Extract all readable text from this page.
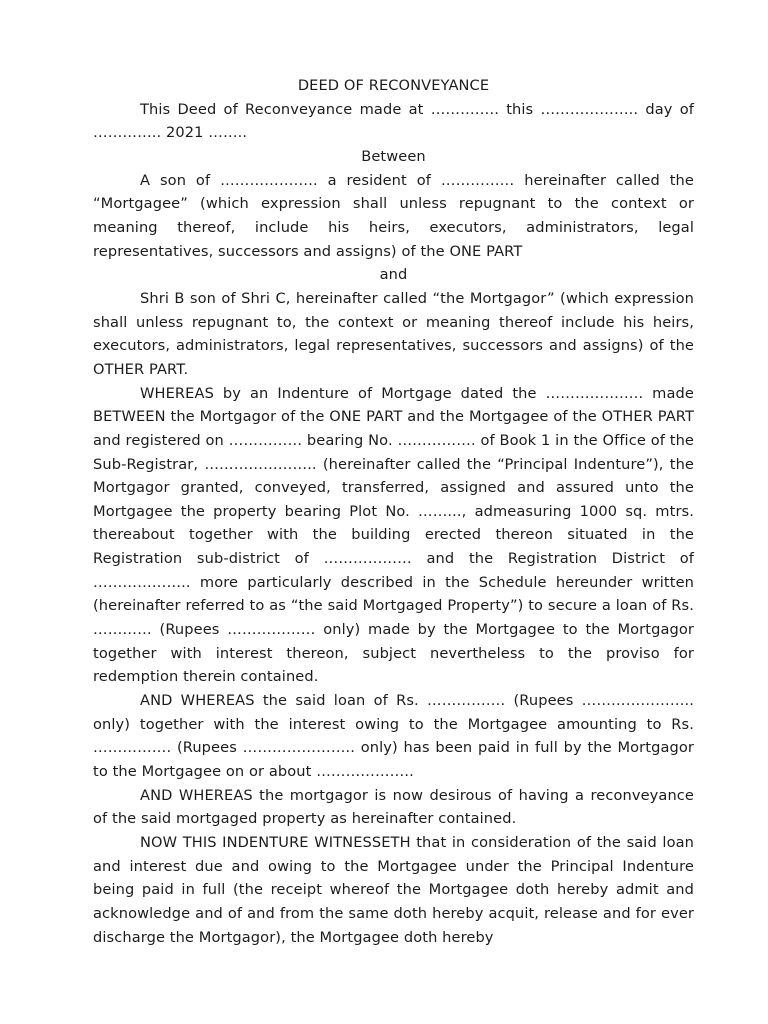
DEED OF RECONVEYANCE

This Deed of Reconveyance made at ………….. this ……………….. day of ………….. 2021 ……..

Between

A son of ……………….. a resident of …………… hereinafter called the “Mortgagee” (which expression shall unless repugnant to the context or meaning thereof, include his heirs, executors, administrators, legal representatives, successors and assigns) of the ONE PART

and

Shri B son of Shri C, hereinafter called “the Mortgagor” (which expression shall unless repugnant to, the context or meaning thereof include his heirs, executors, administrators, legal representatives, successors and assigns) of the OTHER PART.

WHEREAS by an Indenture of Mortgage dated the ……………….. made BETWEEN the Mortgagor of the ONE PART and the Mortgagee of the OTHER PART and registered on …………… bearing No. ……………. of Book 1 in the Office of the Sub-Registrar, ………………….. (hereinafter called the “Principal Indenture”), the Mortgagor granted, conveyed, transferred, assigned and assured unto the Mortgagee the property bearing Plot No. ……..., admeasuring 1000 sq. mtrs. thereabout together with the building erected thereon situated in the Registration sub-district of ……………… and the Registration District of ……………….. more particularly described in the Schedule hereunder written (hereinafter referred to as “the said Mortgaged Property”) to secure a loan of Rs. ………… (Rupees ……………… only) made by the Mortgagee to the Mortgagor together with interest thereon, subject nevertheless to the proviso for redemption therein contained.

AND WHEREAS the said loan of Rs. ……………. (Rupees ………………….. only) together with the interest owing to the Mortgagee amounting to Rs. ……………. (Rupees ………………….. only) has been paid in full by the Mortgagor to the Mortgagee on or about ………………..

AND WHEREAS the mortgagor is now desirous of having a reconveyance of the said mortgaged property as hereinafter contained.

NOW THIS INDENTURE WITNESSETH that in consideration of the said loan and interest due and owing to the Mortgagee under the Principal Indenture being paid in full (the receipt whereof the Mortgagee doth hereby admit and acknowledge and of and from the same doth hereby acquit, release and for ever discharge the Mortgagor), the Mortgagee doth hereby
